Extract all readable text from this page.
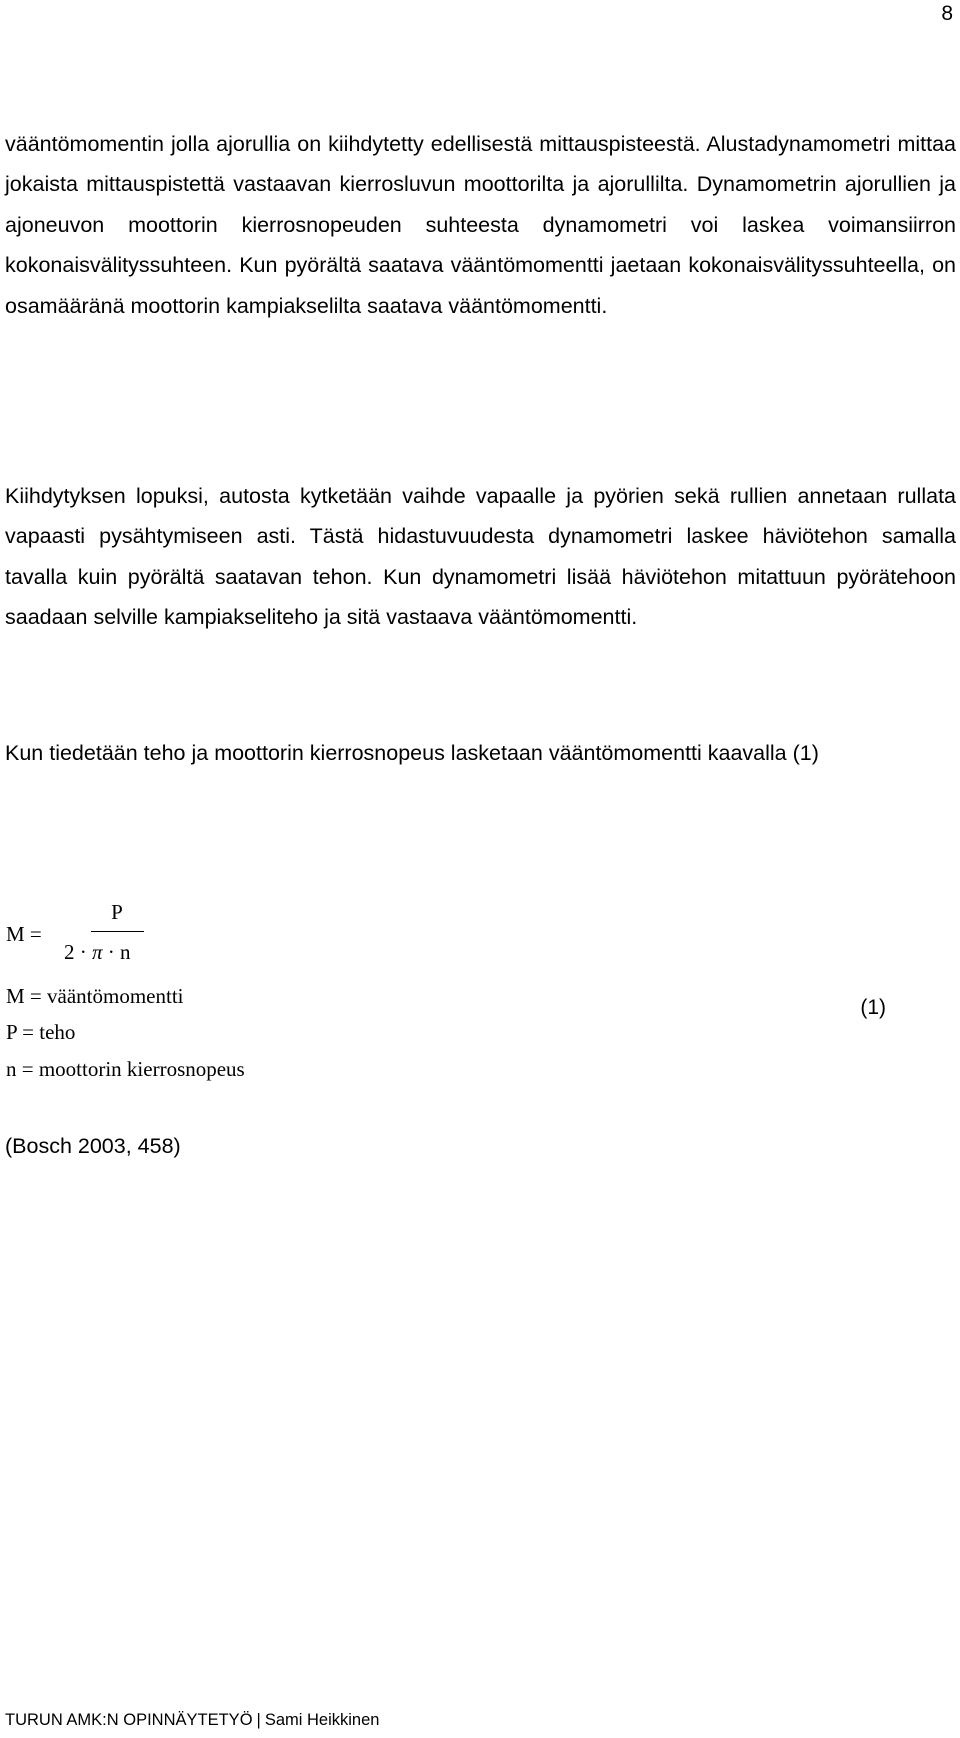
8

vääntömomentin jolla ajorullia on kiihdytetty edellisestä mittauspisteestä. Alustadynamometri mittaa jokaista mittauspistettä vastaavan kierrosluvun moottorilta ja ajorullilta. Dynamometrin ajorullien ja ajoneuvon moottorin kierrosnopeuden suhteesta dynamometri voi laskea voimansiirron kokonaisvälityssuhteen. Kun pyörältä saatava vääntömomentti jaetaan kokonaisvälityssuhteella, on osamääränä moottorin kampiakselilta saatava vääntömomentti.

Kiihdytyksen lopuksi, autosta kytketään vaihde vapaalle ja pyörien sekä rullien annetaan rullata vapaasti pysähtymiseen asti. Tästä hidastuvuudesta dynamometri laskee häviötehon samalla tavalla kuin pyörältä saatavan tehon. Kun dynamometri lisää häviötehon mitattuun pyörätehoon saadaan selville kampiakseliteho ja sitä vastaava vääntömomentti.

Kun tiedetään teho ja moottorin kierrosnopeus lasketaan vääntömomentti kaavalla (1)

M =
P
2 · π · n
M = vääntömomentti
P = teho
n = moottorin kierrosnopeus
(1)
(Bosch 2003, 458)
TURUN AMK:N OPINNÄYTETYÖ | Sami Heikkinen
